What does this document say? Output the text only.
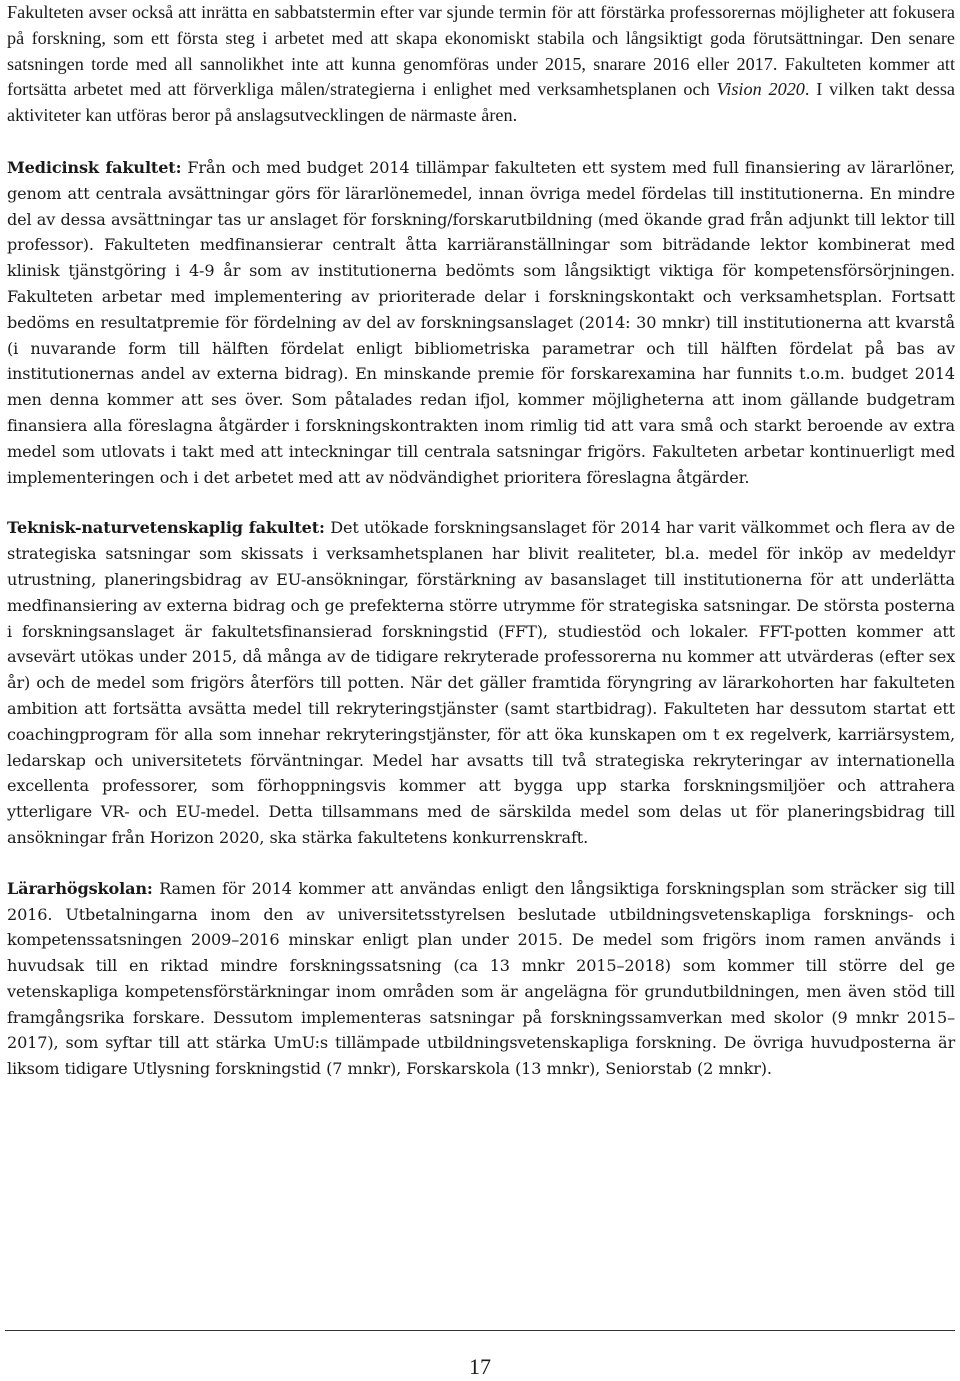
Fakulteten avser också att inrätta en sabbatstermin efter var sjunde termin för att förstärka professorernas möjligheter att fokusera på forskning, som ett första steg i arbetet med att skapa ekonomiskt stabila och långsiktigt goda förutsättningar. Den senare satsningen torde med all sannolikhet inte att kunna genomföras under 2015, snarare 2016 eller 2017. Fakulteten kommer att fortsätta arbetet med att förverkliga målen/strategierna i enlighet med verksamhetsplanen och Vision 2020. I vilken takt dessa aktiviteter kan utföras beror på anslagsutvecklingen de närmaste åren.

Medicinsk fakultet: Från och med budget 2014 tillämpar fakulteten ett system med full finansiering av lärarlöner, genom att centrala avsättningar görs för lärarlönemedel, innan övriga medel fördelas till institutionerna. En mindre del av dessa avsättningar tas ur anslaget för forskning/forskarutbildning (med ökande grad från adjunkt till lektor till professor). Fakulteten medfinansierar centralt åtta karriäranställningar som biträdande lektor kombinerat med klinisk tjänstgöring i 4-9 år som av institutionerna bedömts som långsiktigt viktiga för kompetensförsörjningen. Fakulteten arbetar med implementering av prioriterade delar i forskningskontakt och verksamhetsplan. Fortsatt bedöms en resultatpremie för fördelning av del av forskningsanslaget (2014: 30 mnkr) till institutionerna att kvarstå (i nuvarande form till hälften fördelat enligt bibliometriska parametrar och till hälften fördelat på bas av institutionernas andel av externa bidrag). En minskande premie för forskarexamina har funnits t.o.m. budget 2014 men denna kommer att ses över. Som påtalades redan ifjol, kommer möjligheterna att inom gällande budgetram finansiera alla föreslagna åtgärder i forskningskontrakten inom rimlig tid att vara små och starkt beroende av extra medel som utlovats i takt med att inteckningar till centrala satsningar frigörs. Fakulteten arbetar kontinuerligt med implementeringen och i det arbetet med att av nödvändighet prioritera föreslagna åtgärder.

Teknisk-naturvetenskaplig fakultet: Det utökade forskningsanslaget för 2014 har varit välkommet och flera av de strategiska satsningar som skissats i verksamhetsplanen har blivit realiteter, bl.a. medel för inköp av medeldyr utrustning, planeringsbidrag av EU-ansökningar, förstärkning av basanslaget till institutionerna för att underlätta medfinansiering av externa bidrag och ge prefekterna större utrymme för strategiska satsningar. De största posterna i forskningsanslaget är fakultetsfinansierad forskningstid (FFT), studiestöd och lokaler. FFT-potten kommer att avsevärt utökas under 2015, då många av de tidigare rekryterade professorerna nu kommer att utvärderas (efter sex år) och de medel som frigörs återförs till potten. När det gäller framtida föryngring av lärarkohorten har fakulteten ambition att fortsätta avsätta medel till rekryteringstjänster (samt startbidrag). Fakulteten har dessutom startat ett coachingprogram för alla som innehar rekryteringstjänster, för att öka kunskapen om t ex regelverk, karriärsystem, ledarskap och universitetets förväntningar. Medel har avsatts till två strategiska rekryteringar av internationella excellenta professorer, som förhoppningsvis kommer att bygga upp starka forskningsmiljöer och attrahera ytterligare VR- och EU-medel. Detta tillsammans med de särskilda medel som delas ut för planeringsbidrag till ansökningar från Horizon 2020, ska stärka fakultetens konkurrenskraft.

Lärarhögskolan: Ramen för 2014 kommer att användas enligt den långsiktiga forskningsplan som sträcker sig till 2016. Utbetalningarna inom den av universitetsstyrelsen beslutade utbildningsvetenskapliga forsknings- och kompetenssatsningen 2009–2016 minskar enligt plan under 2015. De medel som frigörs inom ramen används i huvudsak till en riktad mindre forskningssatsning (ca 13 mnkr 2015–2018) som kommer till större del ge vetenskapliga kompetensförstärkningar inom områden som är angelägna för grundutbildningen, men även stöd till framgångsrika forskare. Dessutom implementeras satsningar på forskningssamverkan med skolor (9 mnkr 2015–2017), som syftar till att stärka UmU:s tillämpade utbildningsvetenskapliga forskning. De övriga huvudposterna är liksom tidigare Utlysning forskningstid (7 mnkr), Forskarskola (13 mnkr), Seniorstab (2 mnkr).

17
